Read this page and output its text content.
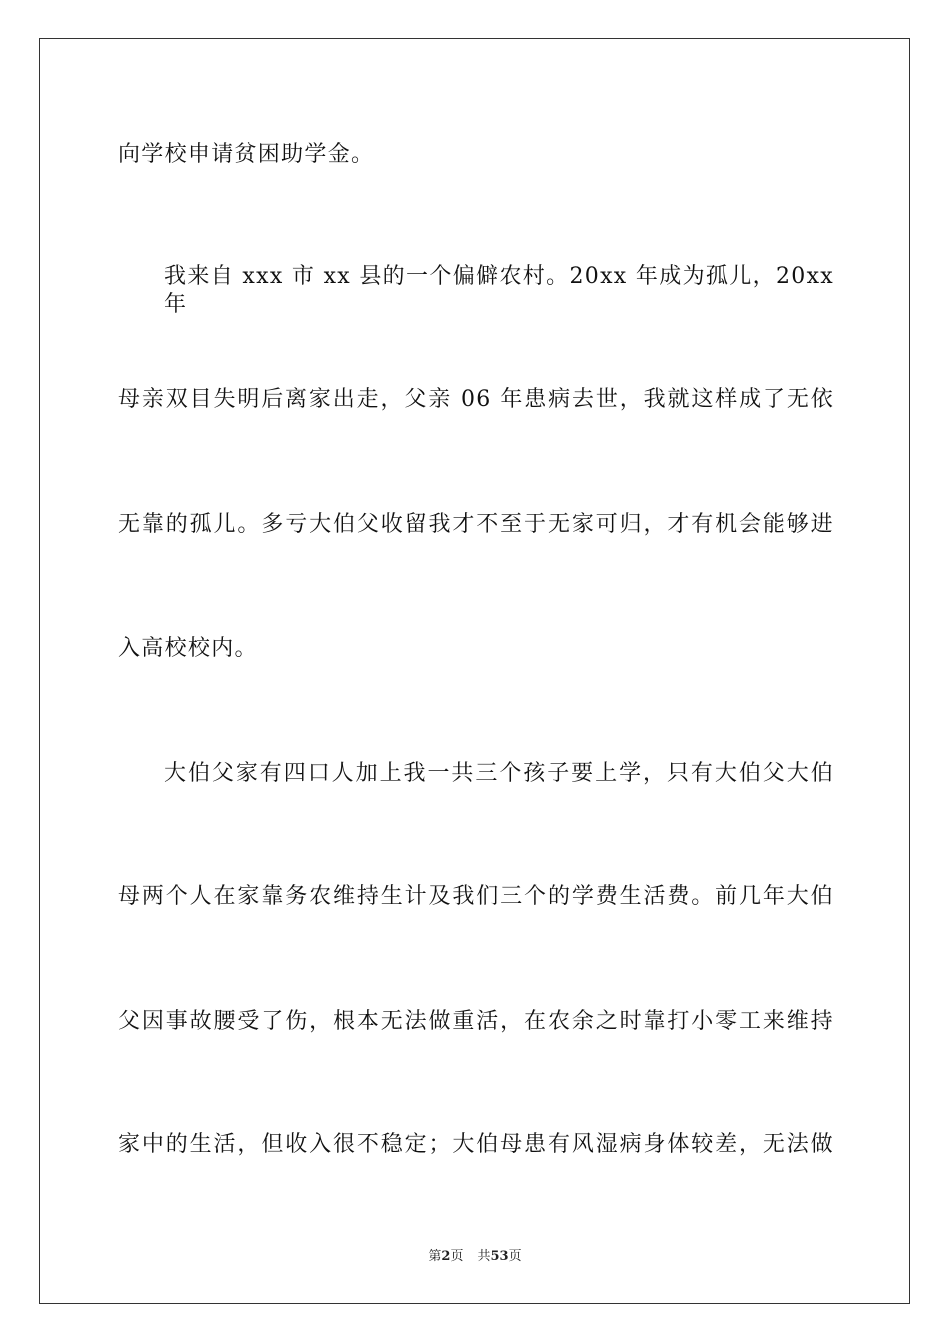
向学校申请贫困助学金。
我来自 xxx 市 xx 县的一个偏僻农村。20xx 年成为孤儿，20xx 年
母亲双目失明后离家出走，父亲 06 年患病去世，我就这样成了无依
无靠的孤儿。多亏大伯父收留我才不至于无家可归，才有机会能够进
入高校校内。
大伯父家有四口人加上我一共三个孩子要上学，只有大伯父大伯
母两个人在家靠务农维持生计及我们三个的学费生活费。前几年大伯
父因事故腰受了伤，根本无法做重活，在农余之时靠打小零工来维持
家中的生活，但收入很不稳定；大伯母患有风湿病身体较差，无法做
第2页 共53页
